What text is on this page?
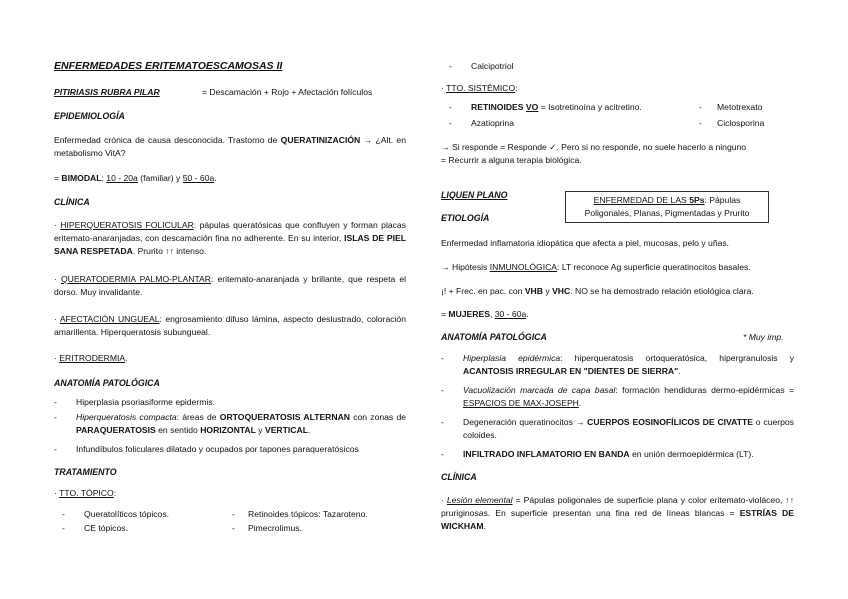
ENFERMEDADES ERITEMATOESCAMOSAS II
PITIRIASIS RUBRA PILAR	= Descamación + Rojo + Afectación folículos
EPIDEMIOLOGÍA
Enfermedad crónica de causa desconocida. Trastorno de QUERATINIZACIÓN → ¿Alt. en metabolismo VitA?
= BIMODAL: 10 - 20a (familiar) y 50 - 60a.
CLÍNICA
· HIPERQUERATOSIS FOLICULAR: pápulas queratósicas que confluyen y forman placas eritemato-anaranjadas, con descamación fina no adherente. En su interior, ISLAS DE PIEL SANA RESPETADA. Prurito ↑↑ intenso.
· QUERATODERMIA PALMO-PLANTAR: eritemato-anaranjada y brillante, que respeta el dorso. Muy invalidante.
· AFECTACIÓN UNGUEAL: engrosamiento difuso lámina, aspecto deslustrado, coloración amarillenta. Hiperqueratosis subungueal.
· ERITRODERMIA.
ANATOMÍA PATOLÓGICA
- Hiperplasia psoriasiforme epidermis.
- Hiperqueratosis compacta: áreas de ORTOQUERATOSIS ALTERNAN con zonas de PARAQUERATOSIS en sentido HORIZONTAL y VERTICAL.
- Infundíbulos foliculares dilatado y ocupados por tapones paraqueratósicos
TRATAMIENTO
· TTO. TÓPICO:
- Queratolíticos tópicos.	- Retinoides tópicos: Tazaroteno.
- CE tópicos.	- Pimecrolimus.
- Calcipotriol
· TTO. SISTÉMICO:
- RETINOIDES VO = Isotretinoína y acitretino.	- Metotrexato
- Azatioprina	- Ciclosporina
→ Si responde = Responde ✓. Pero si no responde, no suele hacerlo a ninguno
= Recurrir a alguna terapia biológica.
LIQUEN PLANO
ETIOLOGÍA
ENFERMEDAD DE LAS 5Ps: Pápulas Poligonales, Planas, Pigmentadas y Prurito
Enfermedad inflamatoria idiopática que afecta a piel, mucosas, pelo y uñas.
→ Hipótesis INMUNOLÓGICA: LT reconoce Ag superficie queratinocitos basales.
¡! + Frec. en pac. con VHB y VHC. NO se ha demostrado relación etiológica clara.
= MUJERES, 30 - 60a.
ANATOMÍA PATOLÓGICA	* Muy imp.
- Hiperplasia epidérmica: hiperqueratosis ortoqueratósica, hipergranulosis y ACANTOSIS IRREGULAR EN "DIENTES DE SIERRA".
- Vacuolización marcada de capa basal: formación hendiduras dermo-epidérmicas = ESPACIOS DE MAX-JOSEPH.
- Degeneración queratinocitos → CUERPOS EOSINOFÍLICOS DE CIVATTE o cuerpos coloides.
- INFILTRADO INFLAMATORIO EN BANDA en unión dermoepidérmica (LT).
CLÍNICA
· Lesión elemental = Pápulas poligonales de superficie plana y color eritemato-violáceo, ↑↑ pruriginosas. En superficie presentan una fina red de líneas blancas = ESTRÍAS DE WICKHAM.
